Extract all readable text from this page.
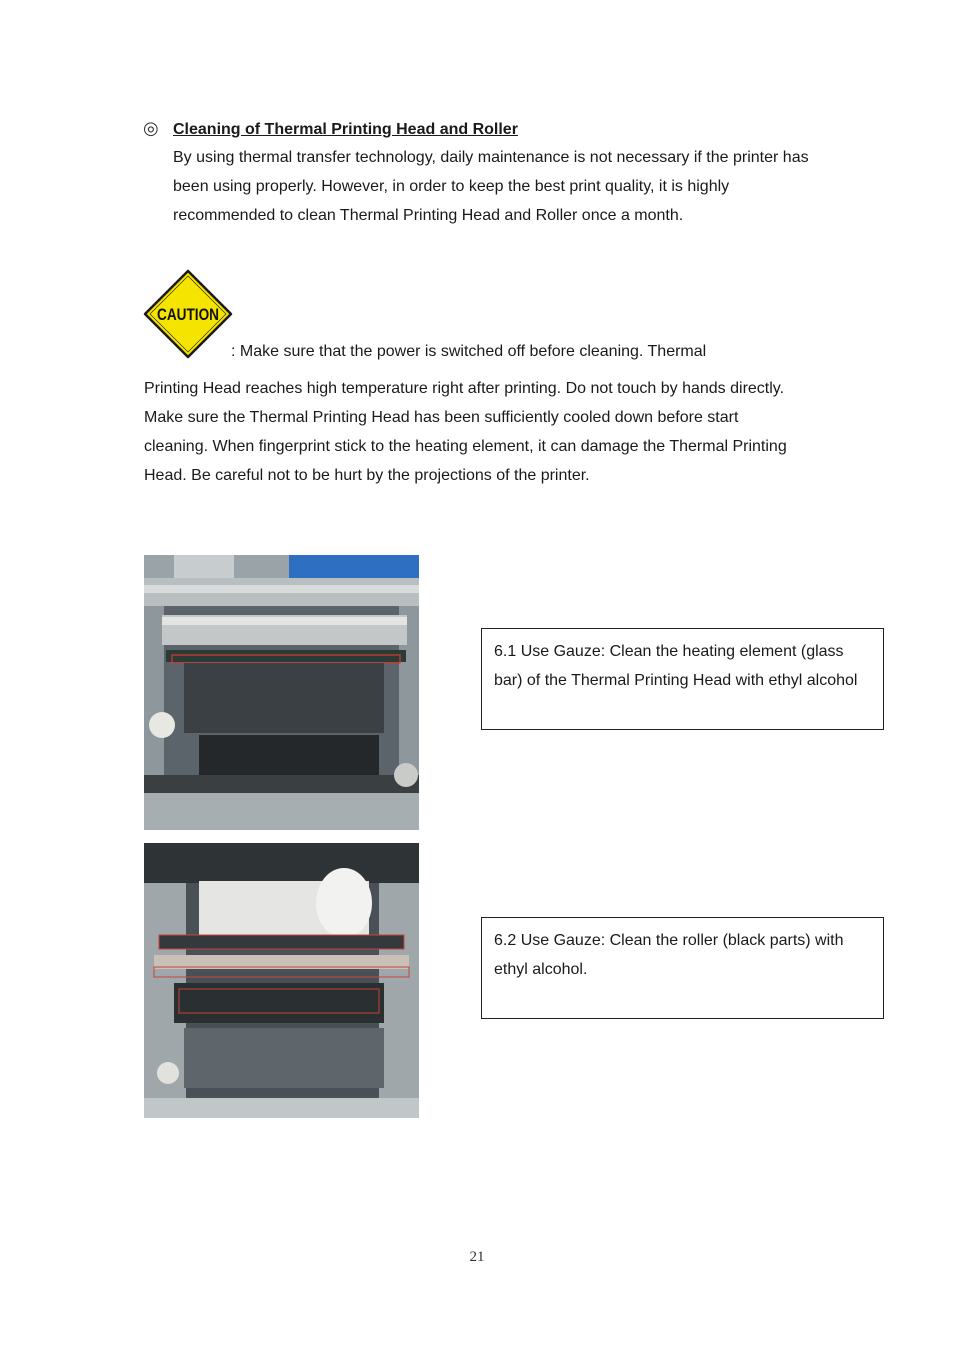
◎ Cleaning of Thermal Printing Head and Roller

By using thermal transfer technology, daily maintenance is not necessary if the printer has been using properly. However, in order to keep the best print quality, it is highly recommended to clean Thermal Printing Head and Roller once a month.

CAUTION
: Make sure that the power is switched off before cleaning. Thermal

Printing Head reaches high temperature right after printing. Do not touch by hands directly. Make sure the Thermal Printing Head has been sufficiently cooled down before start cleaning. When fingerprint stick to the heating element, it can damage the Thermal Printing Head. Be careful not to be hurt by the projections of the printer.

6.1 Use Gauze: Clean the heating element (glass bar) of the Thermal Printing Head with ethyl alcohol
6.2 Use Gauze: Clean the roller (black parts) with ethyl alcohol.
21
